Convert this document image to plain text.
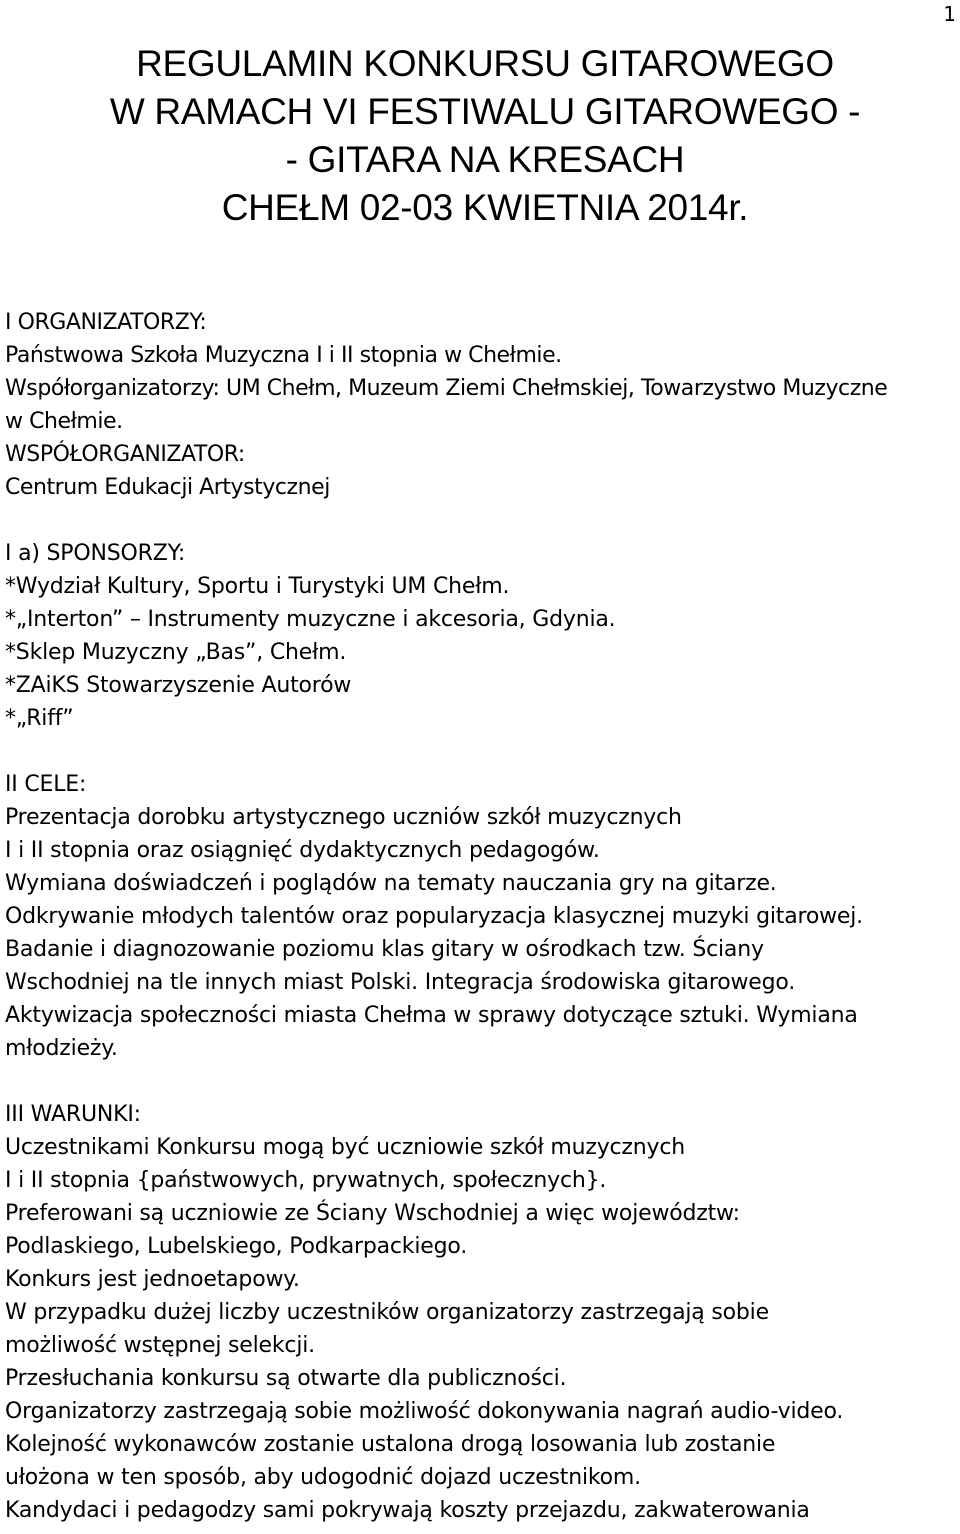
1
REGULAMIN KONKURSU GITAROWEGO
W RAMACH VI FESTIWALU GITAROWEGO -
- GITARA NA KRESACH
CHEŁM 02-03 KWIETNIA 2014r.
I ORGANIZATORZY:
Państwowa Szkoła Muzyczna I i II stopnia w Chełmie.
Współorganizatorzy: UM Chełm, Muzeum Ziemi Chełmskiej, Towarzystwo Muzyczne
w Chełmie.
WSPÓŁORGANIZATOR:
Centrum Edukacji Artystycznej
I a) SPONSORZY:
*Wydział Kultury, Sportu i Turystyki UM Chełm.
*„Interton” – Instrumenty muzyczne i akcesoria, Gdynia.
*Sklep Muzyczny „Bas”, Chełm.
*ZAiKS Stowarzyszenie Autorów
*„Riff”
II CELE:
Prezentacja dorobku artystycznego uczniów szkół muzycznych
I i II stopnia oraz osiągnięć dydaktycznych pedagogów.
Wymiana doświadczeń i poglądów na tematy nauczania gry na gitarze.
Odkrywanie młodych talentów oraz popularyzacja klasycznej muzyki gitarowej.
Badanie i diagnozowanie poziomu klas gitary w ośrodkach tzw. Ściany
Wschodniej na tle innych miast Polski. Integracja środowiska gitarowego.
Aktywizacja społeczności miasta Chełma w sprawy dotyczące sztuki. Wymiana
młodzieży.
III WARUNKI:
Uczestnikami Konkursu mogą być uczniowie szkół muzycznych
I i II stopnia {państwowych, prywatnych, społecznych}.
Preferowani są uczniowie ze Ściany Wschodniej a więc województw:
Podlaskiego, Lubelskiego, Podkarpackiego.
Konkurs jest jednoetapowy.
W przypadku dużej liczby uczestników organizatorzy zastrzegają sobie
możliwość wstępnej selekcji.
Przesłuchania konkursu są otwarte dla publiczności.
Organizatorzy zastrzegają sobie możliwość dokonywania nagrań audio-video.
Kolejność wykonawców zostanie ustalona drogą losowania lub zostanie
ułożona w ten sposób, aby udogodnić dojazd uczestnikom.
Kandydaci i pedagodzy sami pokrywają koszty przejazdu, zakwaterowania
